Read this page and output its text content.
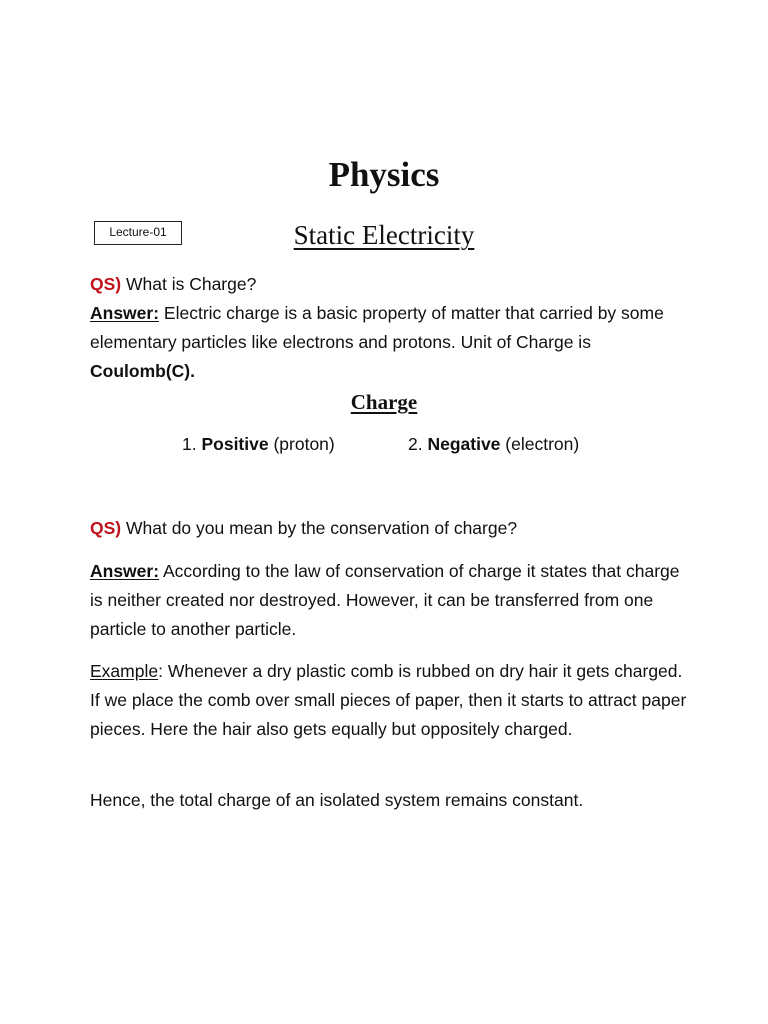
Physics
Lecture-01	Static Electricity
QS) What is Charge?
Answer: Electric charge is a basic property of matter that carried by some elementary particles like electrons and protons. Unit of Charge is Coulomb(C).
Charge
1. Positive (proton)	2. Negative (electron)
QS) What do you mean by the conservation of charge?
Answer: According to the law of conservation of charge it states that charge is neither created nor destroyed. However, it can be transferred from one particle to another particle.
Example: Whenever a dry plastic comb is rubbed on dry hair it gets charged. If we place the comb over small pieces of paper, then it starts to attract paper pieces. Here the hair also gets equally but oppositely charged.
Hence, the total charge of an isolated system remains constant.
